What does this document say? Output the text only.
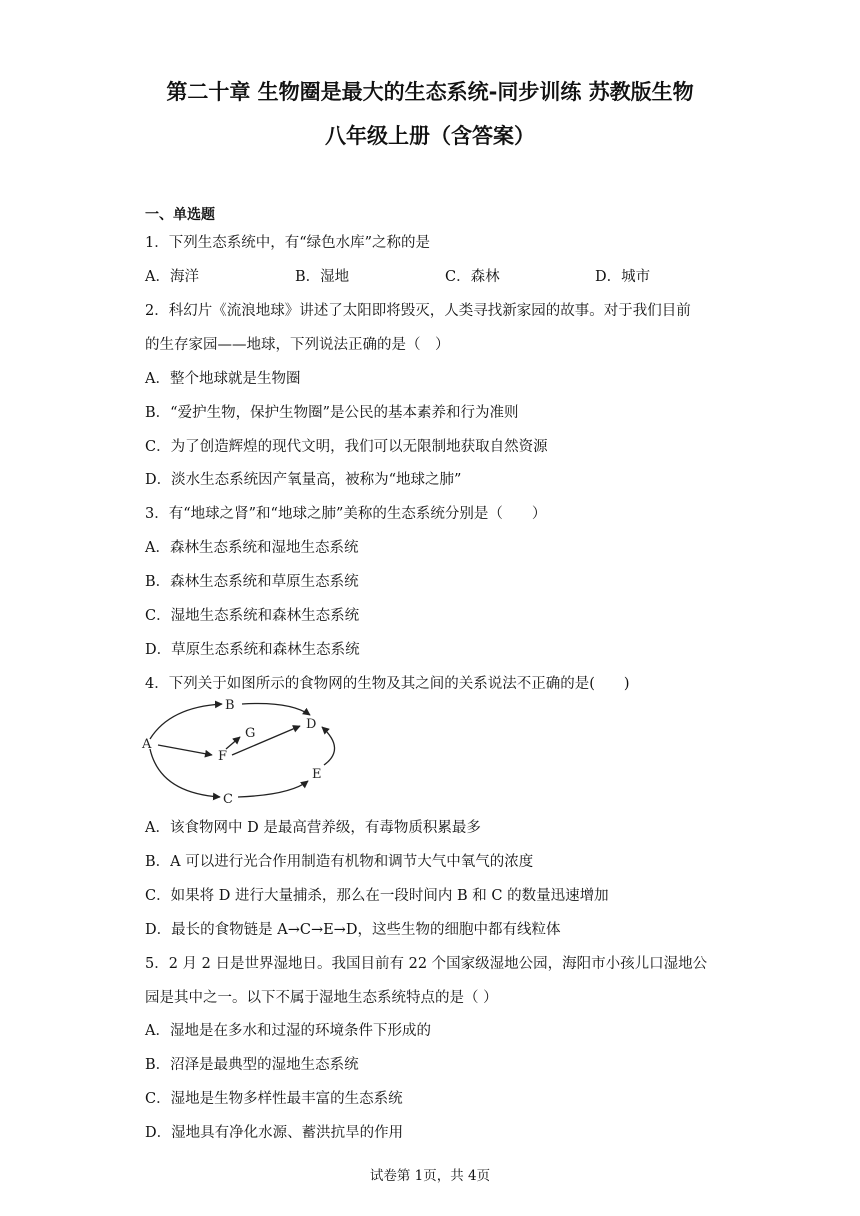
第二十章 生物圈是最大的生态系统-同步训练 苏教版生物
八年级上册（含答案）
一、单选题
1．下列生态系统中，有“绿色水库”之称的是
A．海洋	B．湿地	C．森林	D．城市
2．科幻片《流浪地球》讲述了太阳即将毁灭，人类寻找新家园的故事。对于我们目前
的生存家园——地球，下列说法正确的是（　）
A．整个地球就是生物圈
B．“爱护生物，保护生物圈”是公民的基本素养和行为准则
C．为了创造辉煌的现代文明，我们可以无限制地获取自然资源
D．淡水生态系统因产氧量高，被称为“地球之肺”
3．有“地球之肾”和“地球之肺”美称的生态系统分别是（　　）
A．森林生态系统和湿地生态系统
B．森林生态系统和草原生态系统
C．湿地生态系统和森林生态系统
D．草原生态系统和森林生态系统
4．下列关于如图所示的食物网的生物及其之间的关系说法不正确的是(　　)
A
B
C
D
E
F
G
A．该食物网中 D 是最高营养级，有毒物质积累最多
B．A 可以进行光合作用制造有机物和调节大气中氧气的浓度
C．如果将 D 进行大量捕杀，那么在一段时间内 B 和 C 的数量迅速增加
D．最长的食物链是 A→C→E→D，这些生物的细胞中都有线粒体
5．2 月 2 日是世界湿地日。我国目前有 22 个国家级湿地公园，海阳市小孩儿口湿地公
园是其中之一。以下不属于湿地生态系统特点的是（ ）
A．湿地是在多水和过湿的环境条件下形成的
B．沼泽是最典型的湿地生态系统
C．湿地是生物多样性最丰富的生态系统
D．湿地具有净化水源、蓄洪抗旱的作用
试卷第 1页，共 4页
